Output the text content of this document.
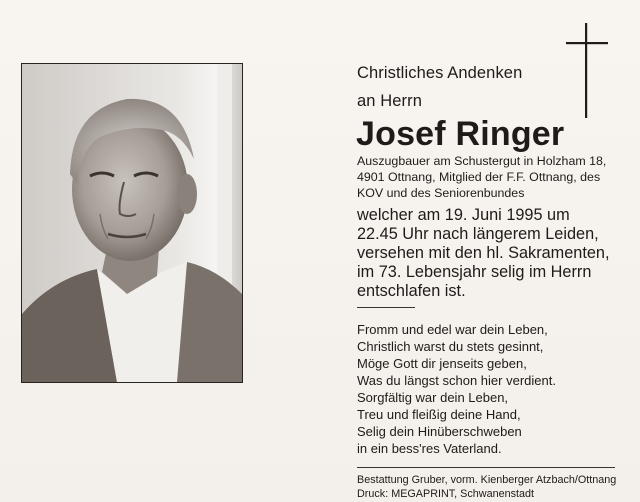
Christliches Andenken
an Herrn
Josef Ringer
Auszugbauer am Schustergut in Holzham 18,
4901 Ottnang, Mitglied der F.F. Ottnang, des
KOV und des Seniorenbundes
welcher am 19. Juni 1995 um
22.45 Uhr nach längerem Leiden,
versehen mit den hl. Sakramenten,
im 73. Lebensjahr selig im Herrn
entschlafen ist.
Fromm und edel war dein Leben,
Christlich warst du stets gesinnt,
Möge Gott dir jenseits geben,
Was du längst schon hier verdient.
Sorgfältig war dein Leben,
Treu und fleißig deine Hand,
Selig dein Hinüberschweben
in ein bess'res Vaterland.
Bestattung Gruber, vorm. Kienberger Atzbach/Ottnang
Druck: MEGAPRINT, Schwanenstadt
